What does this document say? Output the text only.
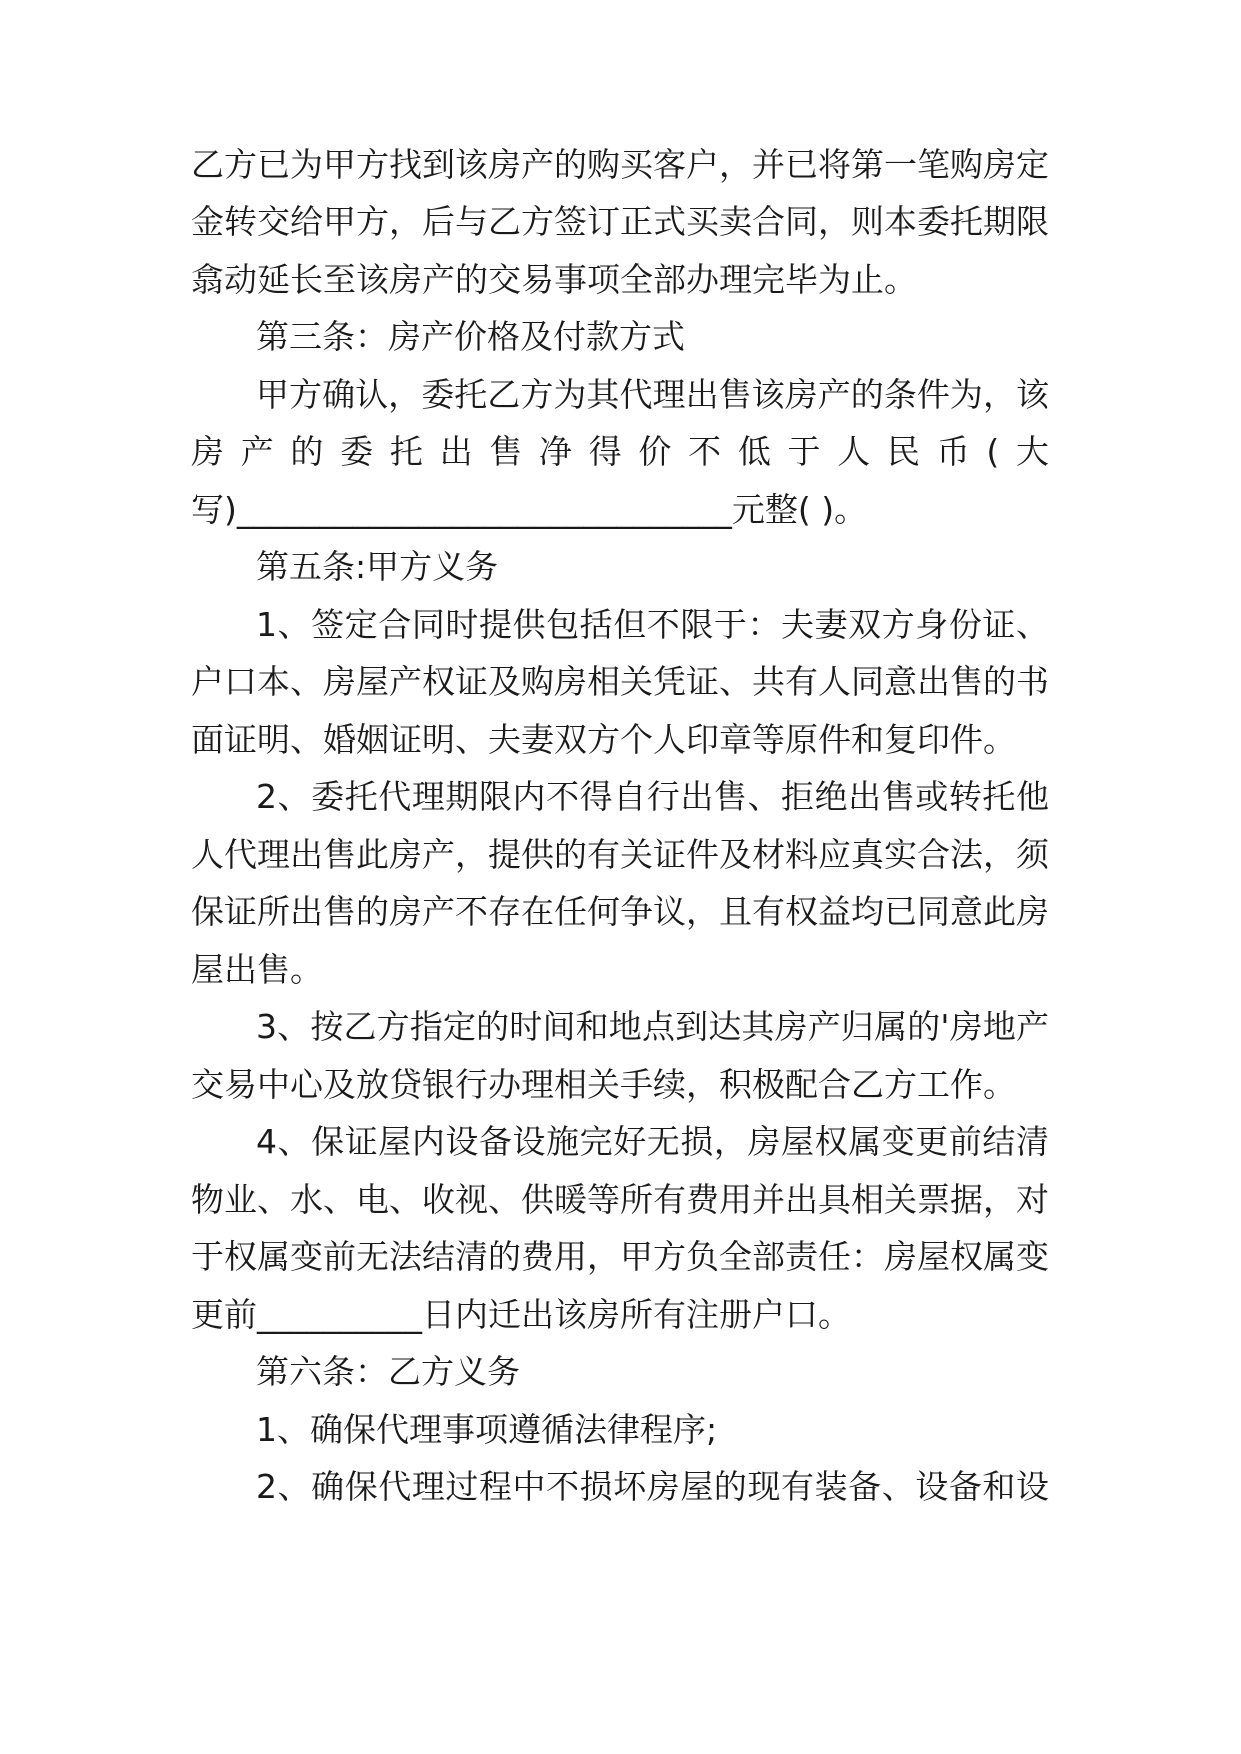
乙方已为甲方找到该房产的购买客户，并已将第一笔购房定
金转交给甲方，后与乙方签订正式买卖合同，则本委托期限
翕动延长至该房产的交易事项全部办理完毕为止。
第三条：房产价格及付款方式
甲方确认，委托乙方为其代理出售该房产的条件为，该
房产的委托出售净得价不低于人民币(大
写)______________________________元整( )。
第五条:甲方义务
1、签定合同时提供包括但不限于：夫妻双方身份证、
户口本、房屋产权证及购房相关凭证、共有人同意出售的书
面证明、婚姻证明、夫妻双方个人印章等原件和复印件。
2、委托代理期限内不得自行出售、拒绝出售或转托他
人代理出售此房产，提供的有关证件及材料应真实合法，须
保证所出售的房产不存在任何争议，且有权益均已同意此房
屋出售。
3、按乙方指定的时间和地点到达其房产归属的'房地产
交易中心及放贷银行办理相关手续，积极配合乙方工作。
4、保证屋内设备设施完好无损，房屋权属变更前结清
物业、水、电、收视、供暖等所有费用并出具相关票据，对
于权属变前无法结清的费用，甲方负全部责任：房屋权属变
更前__________日内迁出该房所有注册户口。
第六条：乙方义务
1、确保代理事项遵循法律程序;
2、确保代理过程中不损坏房屋的现有装备、设备和设
